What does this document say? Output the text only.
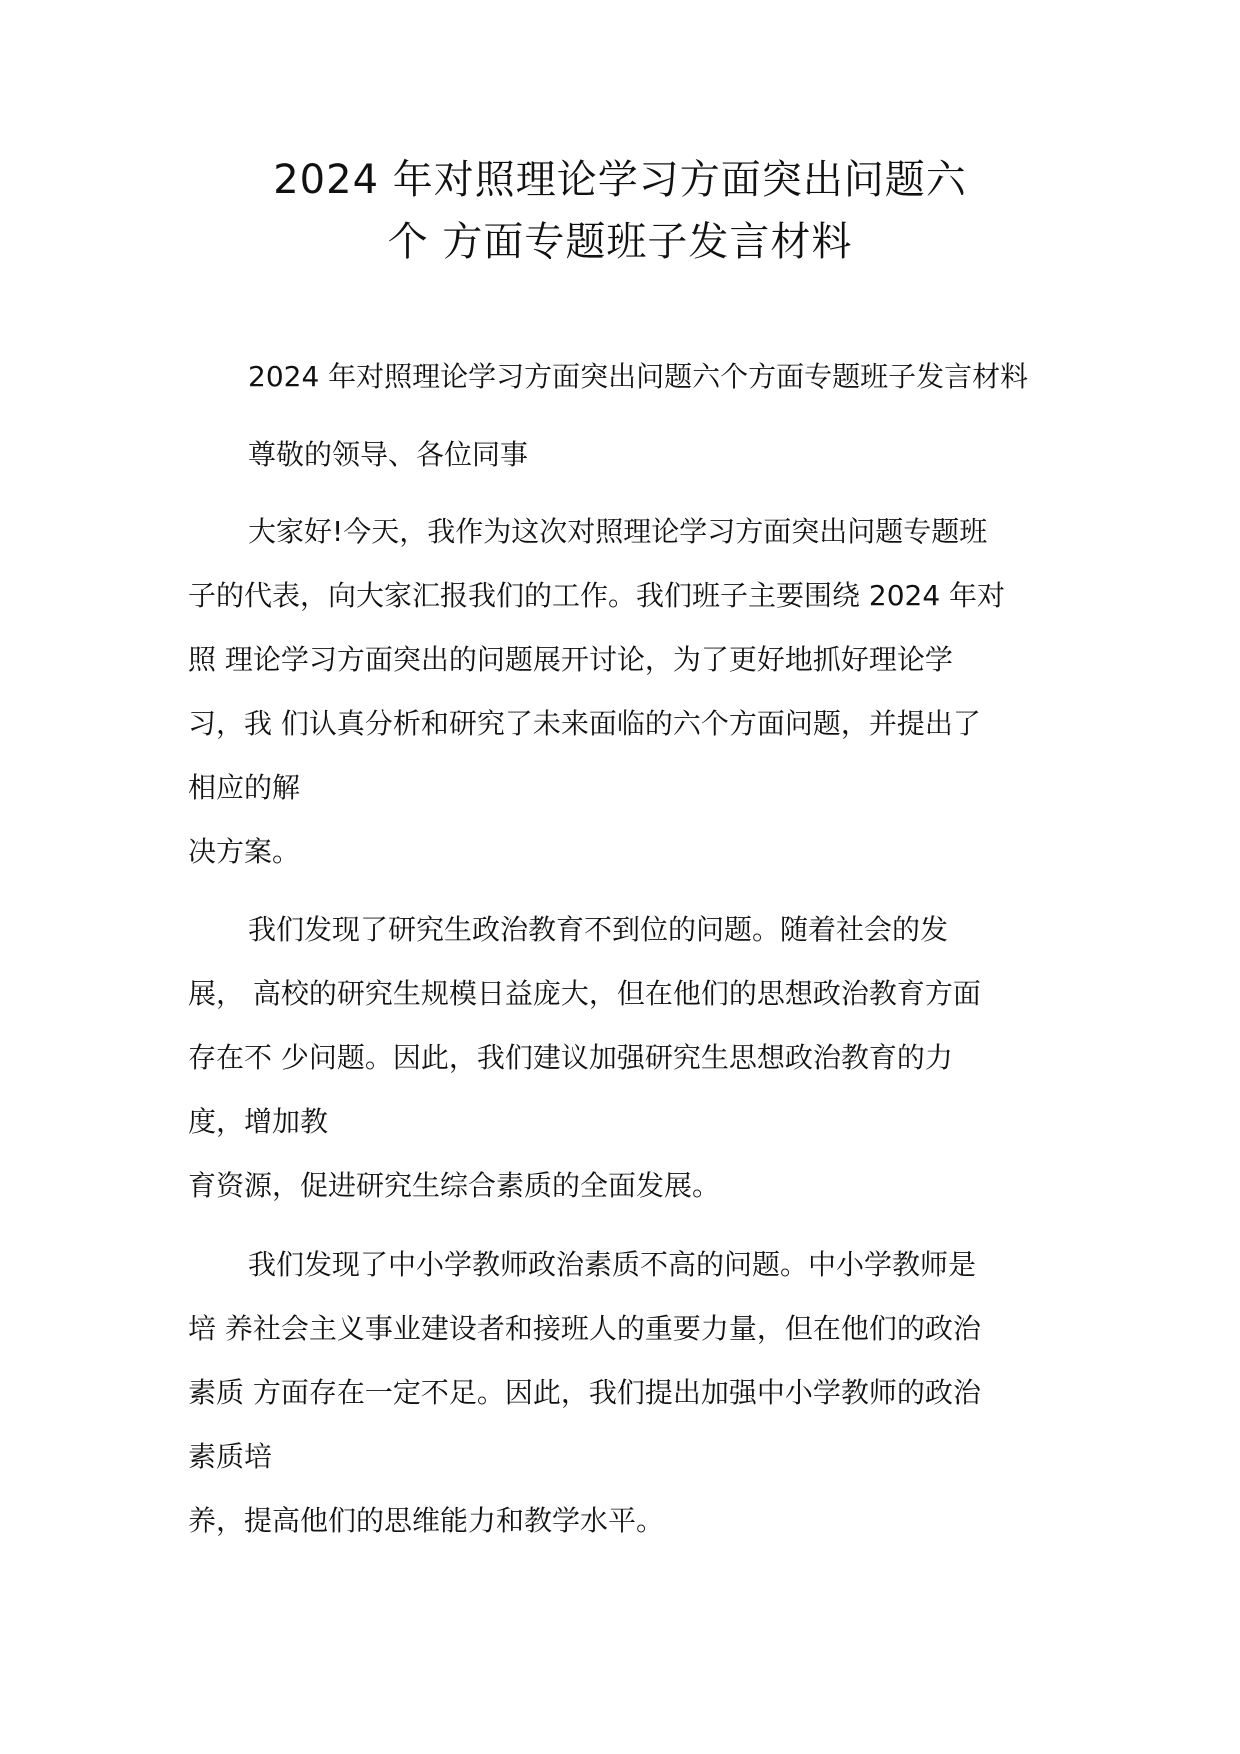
2024 年对照理论学习方面突出问题六
个 方面专题班子发言材料
2024 年对照理论学习方面突出问题六个方面专题班子发言材料
尊敬的领导、各位同事
大家好!今天，我作为这次对照理论学习方面突出问题专题班
子的代表，向大家汇报我们的工作。我们班子主要围绕 2024 年对
照 理论学习方面突出的问题展开讨论，为了更好地抓好理论学
习，我 们认真分析和研究了未来面临的六个方面问题，并提出了
相应的解
决方案。
我们发现了研究生政治教育不到位的问题。随着社会的发
展， 高校的研究生规模日益庞大，但在他们的思想政治教育方面
存在不 少问题。因此，我们建议加强研究生思想政治教育的力
度，增加教
育资源，促进研究生综合素质的全面发展。
我们发现了中小学教师政治素质不高的问题。中小学教师是
培 养社会主义事业建设者和接班人的重要力量，但在他们的政治
素质 方面存在一定不足。因此，我们提出加强中小学教师的政治
素质培
养，提高他们的思维能力和教学水平。
